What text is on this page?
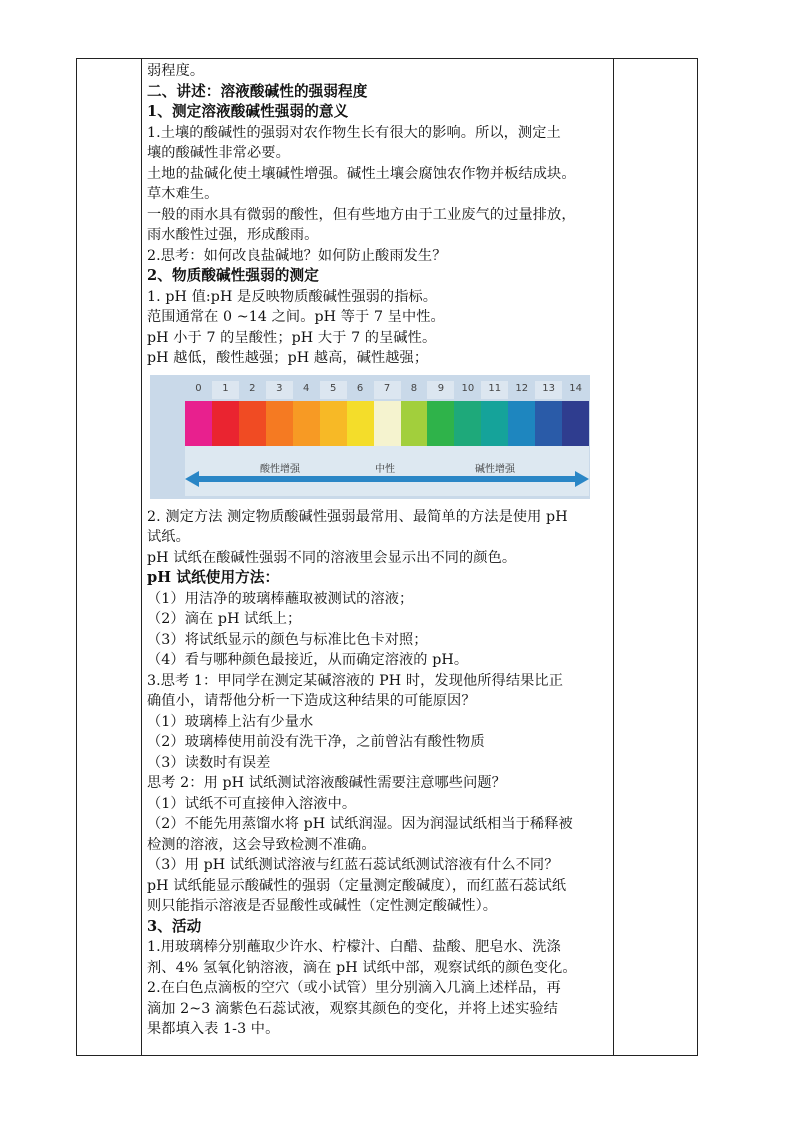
弱程度。
二、讲述：溶液酸碱性的强弱程度
1、测定溶液酸碱性强弱的意义
1.土壤的酸碱性的强弱对农作物生长有很大的影响。所以，测定土
壤的酸碱性非常必要。
土地的盐碱化使土壤碱性增强。碱性土壤会腐蚀农作物并板结成块。
草木难生。
一般的雨水具有微弱的酸性，但有些地方由于工业废气的过量排放，
雨水酸性过强，形成酸雨。
2.思考：如何改良盐碱地？如何防止酸雨发生？
2、物质酸碱性强弱的测定
1. pH 值:pH 是反映物质酸碱性强弱的指标。
范围通常在 0 ~14 之间。pH 等于 7 呈中性。
pH 小于 7 的呈酸性；pH 大于 7 的呈碱性。
pH 越低，酸性越强；pH 越高，碱性越强；
0	1	2	3	4	5	6	7	8	9	10	11	12	13	14
酸性增强	中性	碱性增强
2. 测定方法 测定物质酸碱性强弱最常用、最简单的方法是使用 pH
试纸。
pH 试纸在酸碱性强弱不同的溶液里会显示出不同的颜色。
pH 试纸使用方法：
（1）用洁净的玻璃棒蘸取被测试的溶液；
（2）滴在 pH 试纸上；
（3）将试纸显示的颜色与标准比色卡对照；
（4）看与哪种颜色最接近，从而确定溶液的 pH。
3.思考 1：甲同学在测定某碱溶液的 PH 时，发现他所得结果比正
确值小，请帮他分析一下造成这种结果的可能原因？
（1）玻璃棒上沾有少量水
（2）玻璃棒使用前没有洗干净，之前曾沾有酸性物质
（3）读数时有误差
思考 2：用 pH 试纸测试溶液酸碱性需要注意哪些问题？
（1）试纸不可直接伸入溶液中。
（2）不能先用蒸馏水将 pH 试纸润湿。因为润湿试纸相当于稀释被
检测的溶液，这会导致检测不准确。
（3）用 pH 试纸测试溶液与红蓝石蕊试纸测试溶液有什么不同？
pH 试纸能显示酸碱性的强弱（定量测定酸碱度），而红蓝石蕊试纸
则只能指示溶液是否显酸性或碱性（定性测定酸碱性）。
3、活动
1.用玻璃棒分别蘸取少许水、柠檬汁、白醋、盐酸、肥皂水、洗涤
剂、4% 氢氧化钠溶液，滴在 pH 试纸中部，观察试纸的颜色变化。
2.在白色点滴板的空穴（或小试管）里分别滴入几滴上述样品，再
滴加 2~3 滴紫色石蕊试液，观察其颜色的变化，并将上述实验结
果都填入表 1-3 中。
